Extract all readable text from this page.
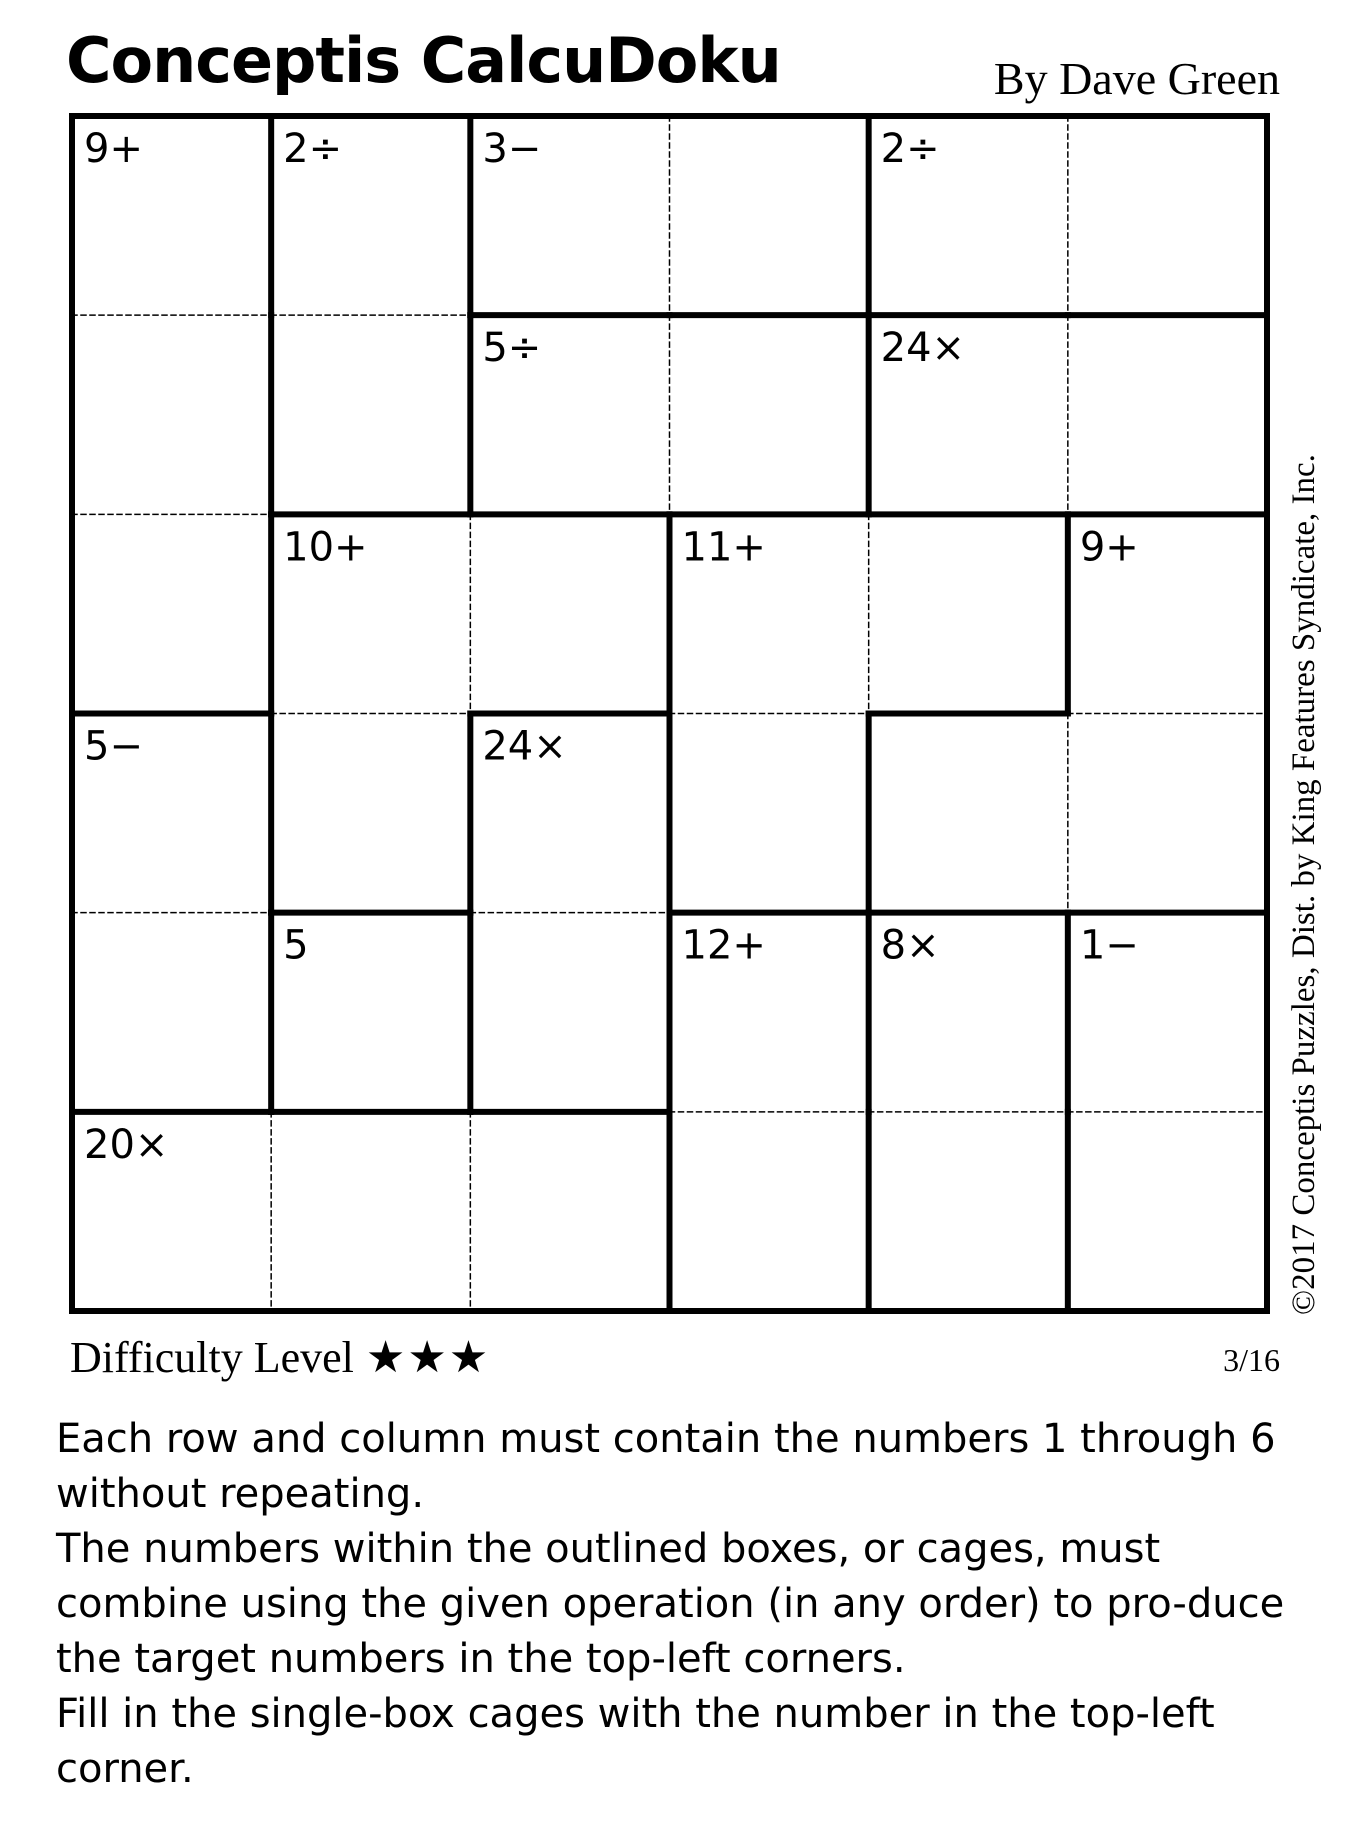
Conceptis CalcuDoku	By Dave Green
9+	2÷	3−	2÷
5÷	24×
10+	11+	9+
5−	24×
5	12+	8×	1−
20×	©2017 Conceptis Puzzles, Dist. by King Features Syndicate, Inc.
Difficulty Level ★★★	3/16

Each row and column must contain the numbers 1 through 6 without repeating.

The numbers within the outlined boxes, or cages, must combine using the given operation (in any order) to pro-duce the target numbers in the top-left corners.

Fill in the single-box cages with the number in the top-left corner.
